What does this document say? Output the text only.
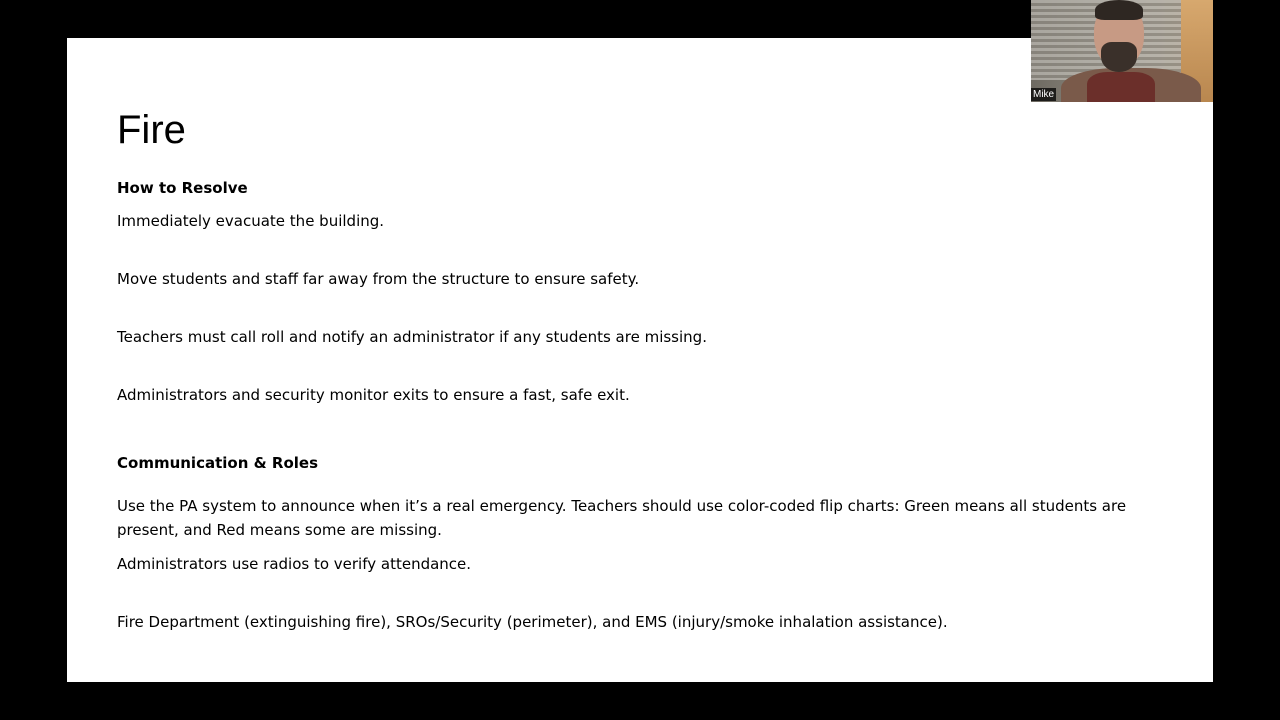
Fire
How to Resolve
Immediately evacuate the building.
Move students and staff far away from the structure to ensure safety.
Teachers must call roll and notify an administrator if any students are missing.
Administrators and security monitor exits to ensure a fast, safe exit.
Communication & Roles
Use the PA system to announce when it’s a real emergency. Teachers should use color-coded flip charts: Green means all students are present, and Red means some are missing.
Administrators use radios to verify attendance.
Fire Department (extinguishing fire), SROs/Security (perimeter), and EMS (injury/smoke inhalation assistance).
Mike
